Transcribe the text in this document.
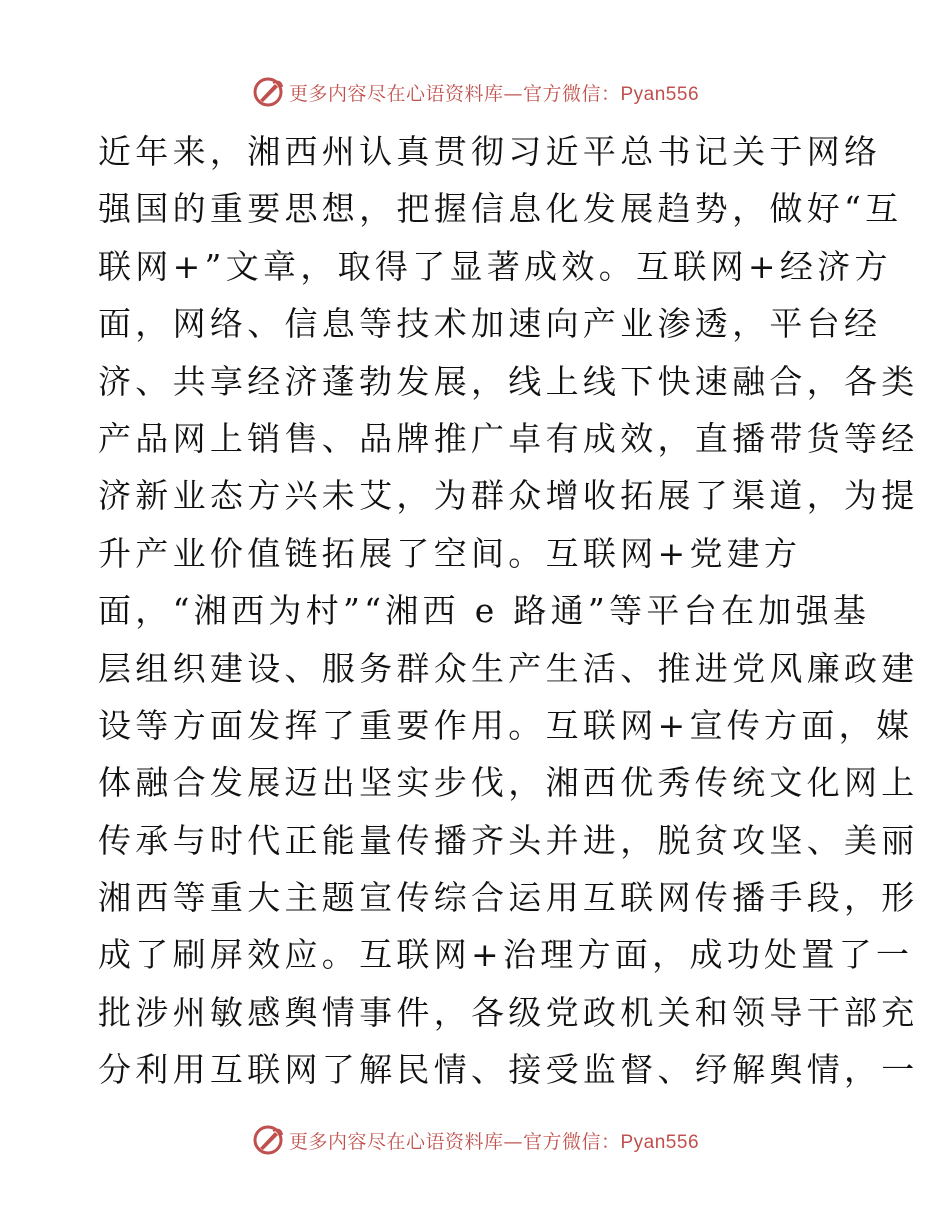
更多内容尽在心语资料库—官方微信：Pyan556
近年来，湘西州认真贯彻习近平总书记关于网络
强国的重要思想，把握信息化发展趋势，做好“互
联网+”文章，取得了显著成效。互联网+经济方
面，网络、信息等技术加速向产业渗透，平台经
济、共享经济蓬勃发展，线上线下快速融合，各类
产品网上销售、品牌推广卓有成效，直播带货等经
济新业态方兴未艾，为群众增收拓展了渠道，为提
升产业价值链拓展了空间。互联网+党建方
面，“湘西为村”“湘西 e 路通”等平台在加强基
层组织建设、服务群众生产生活、推进党风廉政建
设等方面发挥了重要作用。互联网+宣传方面，媒
体融合发展迈出坚实步伐，湘西优秀传统文化网上
传承与时代正能量传播齐头并进，脱贫攻坚、美丽
湘西等重大主题宣传综合运用互联网传播手段，形
成了刷屏效应。互联网+治理方面，成功处置了一
批涉州敏感舆情事件，各级党政机关和领导干部充
分利用互联网了解民情、接受监督、纾解舆情，一
更多内容尽在心语资料库—官方微信：Pyan556
